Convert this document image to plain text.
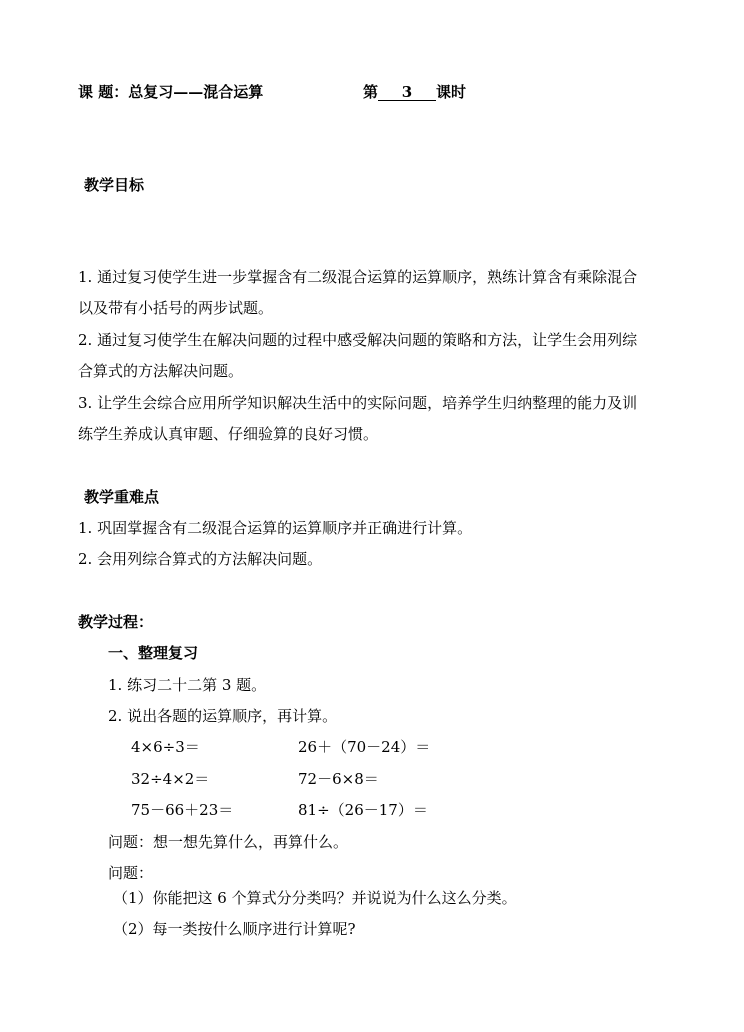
课 题：总复习——混合运算	第 3 课时
教学目标
1. 通过复习使学生进一步掌握含有二级混合运算的运算顺序，熟练计算含有乘除混合
以及带有小括号的两步试题。
2. 通过复习使学生在解决问题的过程中感受解决问题的策略和方法，让学生会用列综
合算式的方法解决问题。
3. 让学生会综合应用所学知识解决生活中的实际问题，培养学生归纳整理的能力及训
练学生养成认真审题、仔细验算的良好习惯。
教学重难点
1. 巩固掌握含有二级混合运算的运算顺序并正确进行计算。
2. 会用列综合算式的方法解决问题。
教学过程：
一、整理复习
1. 练习二十二第 3 题。
2. 说出各题的运算顺序，再计算。
4×6÷3＝	26＋（70－24）＝
32÷4×2＝	72－6×8＝
75－66＋23＝	81÷（26－17）＝
问题：想一想先算什么，再算什么。
问题：
（1）你能把这 6 个算式分分类吗？并说说为什么这么分类。
（2）每一类按什么顺序进行计算呢?
